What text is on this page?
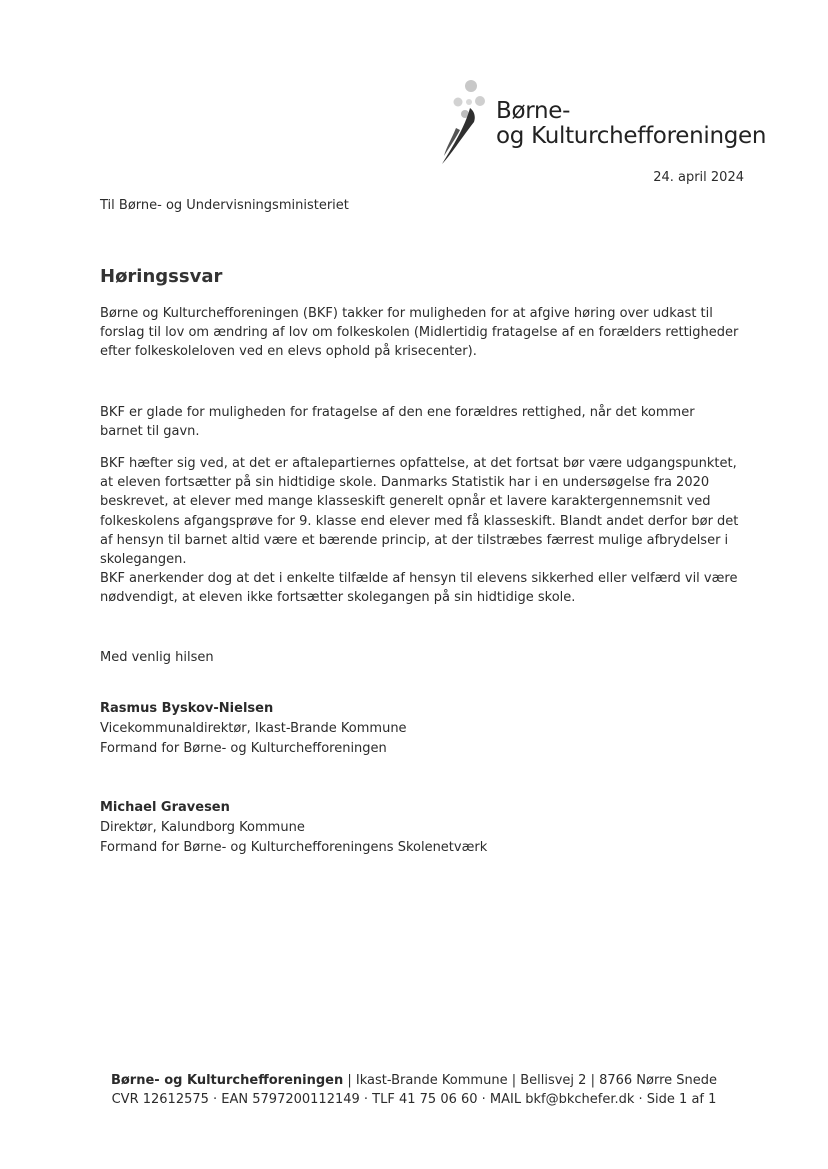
Børne-
og Kulturchefforeningen
24. april 2024
Til Børne- og Undervisningsministeriet
Høringssvar
Børne og Kulturchefforeningen (BKF) takker for muligheden for at afgive høring over udkast til forslag til lov om ændring af lov om folkeskolen (Midlertidig fratagelse af en forælders rettigheder efter folkeskoleloven ved en elevs ophold på krisecenter).
BKF er glade for muligheden for fratagelse af den ene forældres rettighed, når det kommer barnet til gavn.
BKF hæfter sig ved, at det er aftalepartiernes opfattelse, at det fortsat bør være udgangspunktet, at eleven fortsætter på sin hidtidige skole. Danmarks Statistik har i en undersøgelse fra 2020 beskrevet, at elever med mange klasseskift generelt opnår et lavere karaktergennemsnit ved folkeskolens afgangsprøve for 9. klasse end elever med få klasseskift. Blandt andet derfor bør det af hensyn til barnet altid være et bærende princip, at der tilstræbes færrest mulige afbrydelser i skolegangen.
BKF anerkender dog at det i enkelte tilfælde af hensyn til elevens sikkerhed eller velfærd vil være nødvendigt, at eleven ikke fortsætter skolegangen på sin hidtidige skole.
Med venlig hilsen
Rasmus Byskov-Nielsen
Vicekommunaldirektør, Ikast-Brande Kommune
Formand for Børne- og Kulturchefforeningen
Michael Gravesen
Direktør, Kalundborg Kommune
Formand for Børne- og Kulturchefforeningens Skolenetværk
Børne- og Kulturchefforeningen | Ikast-Brande Kommune | Bellisvej 2 | 8766 Nørre Snede
CVR 12612575 · EAN 5797200112149 · TLF 41 75 06 60 · MAIL bkf@bkchefer.dk · Side 1 af 1
